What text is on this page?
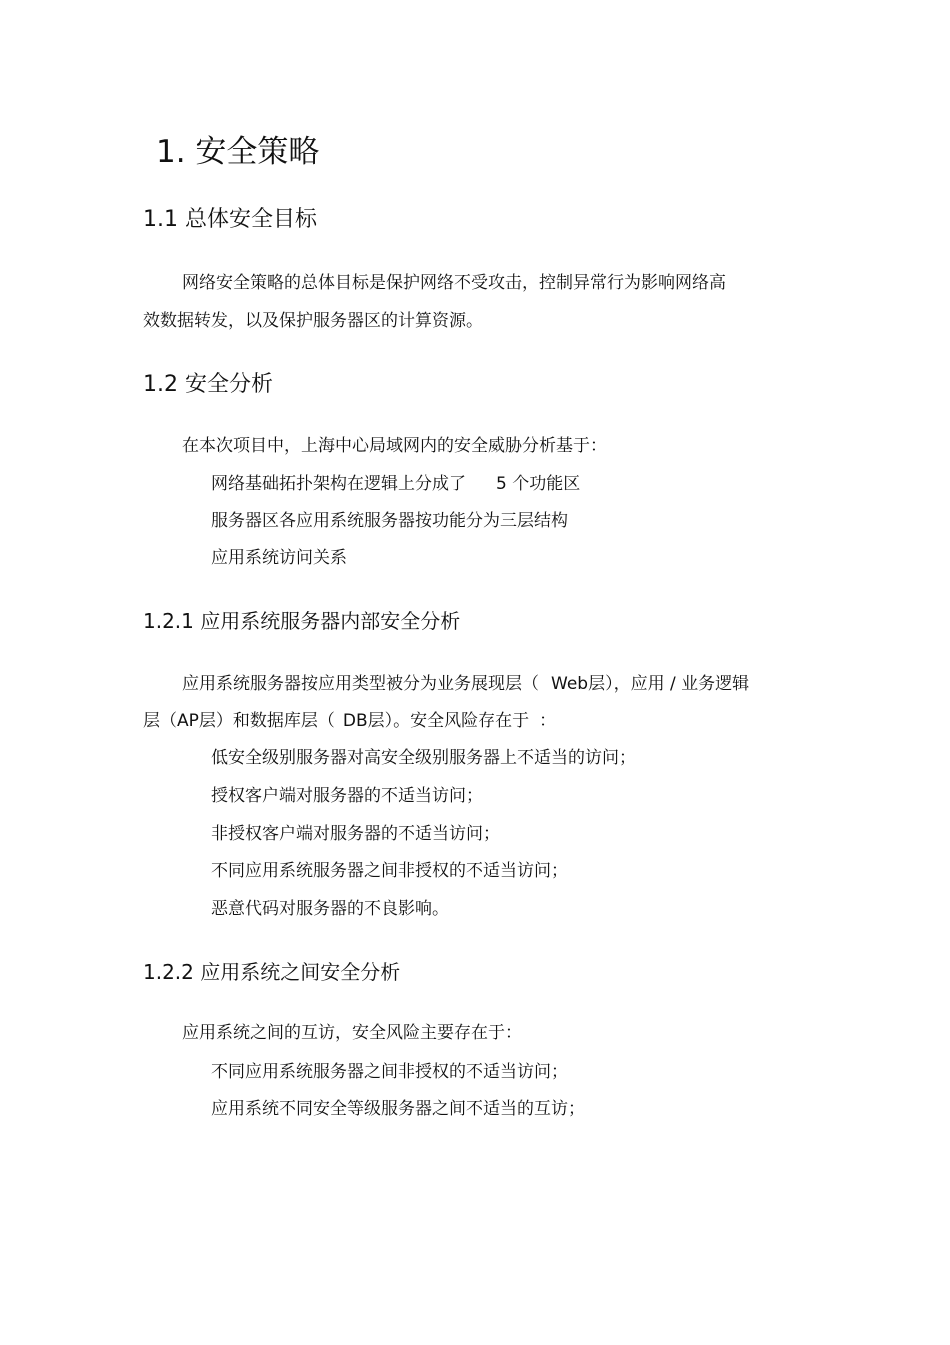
1. 安全策略
1.1 总体安全目标
网络安全策略的总体目标是保护网络不受攻击，控制异常行为影响网络高
效数据转发，以及保护服务器区的计算资源。
1.2 安全分析
在本次项目中，上海中心局域网内的安全威胁分析基于：
网络基础拓扑架构在逻辑上分成了 5 个功能区
服务器区各应用系统服务器按功能分为三层结构
应用系统访问关系
1.2.1 应用系统服务器内部安全分析
应用系统服务器按应用类型被分为业务展现层（ Web层），应用 / 业务逻辑
层（AP层）和数据库层（ DB层）。安全风险存在于 ：
低安全级别服务器对高安全级别服务器上不适当的访问；
授权客户端对服务器的不适当访问；
非授权客户端对服务器的不适当访问；
不同应用系统服务器之间非授权的不适当访问；
恶意代码对服务器的不良影响。
1.2.2 应用系统之间安全分析
应用系统之间的互访，安全风险主要存在于：
不同应用系统服务器之间非授权的不适当访问；
应用系统不同安全等级服务器之间不适当的互访；
